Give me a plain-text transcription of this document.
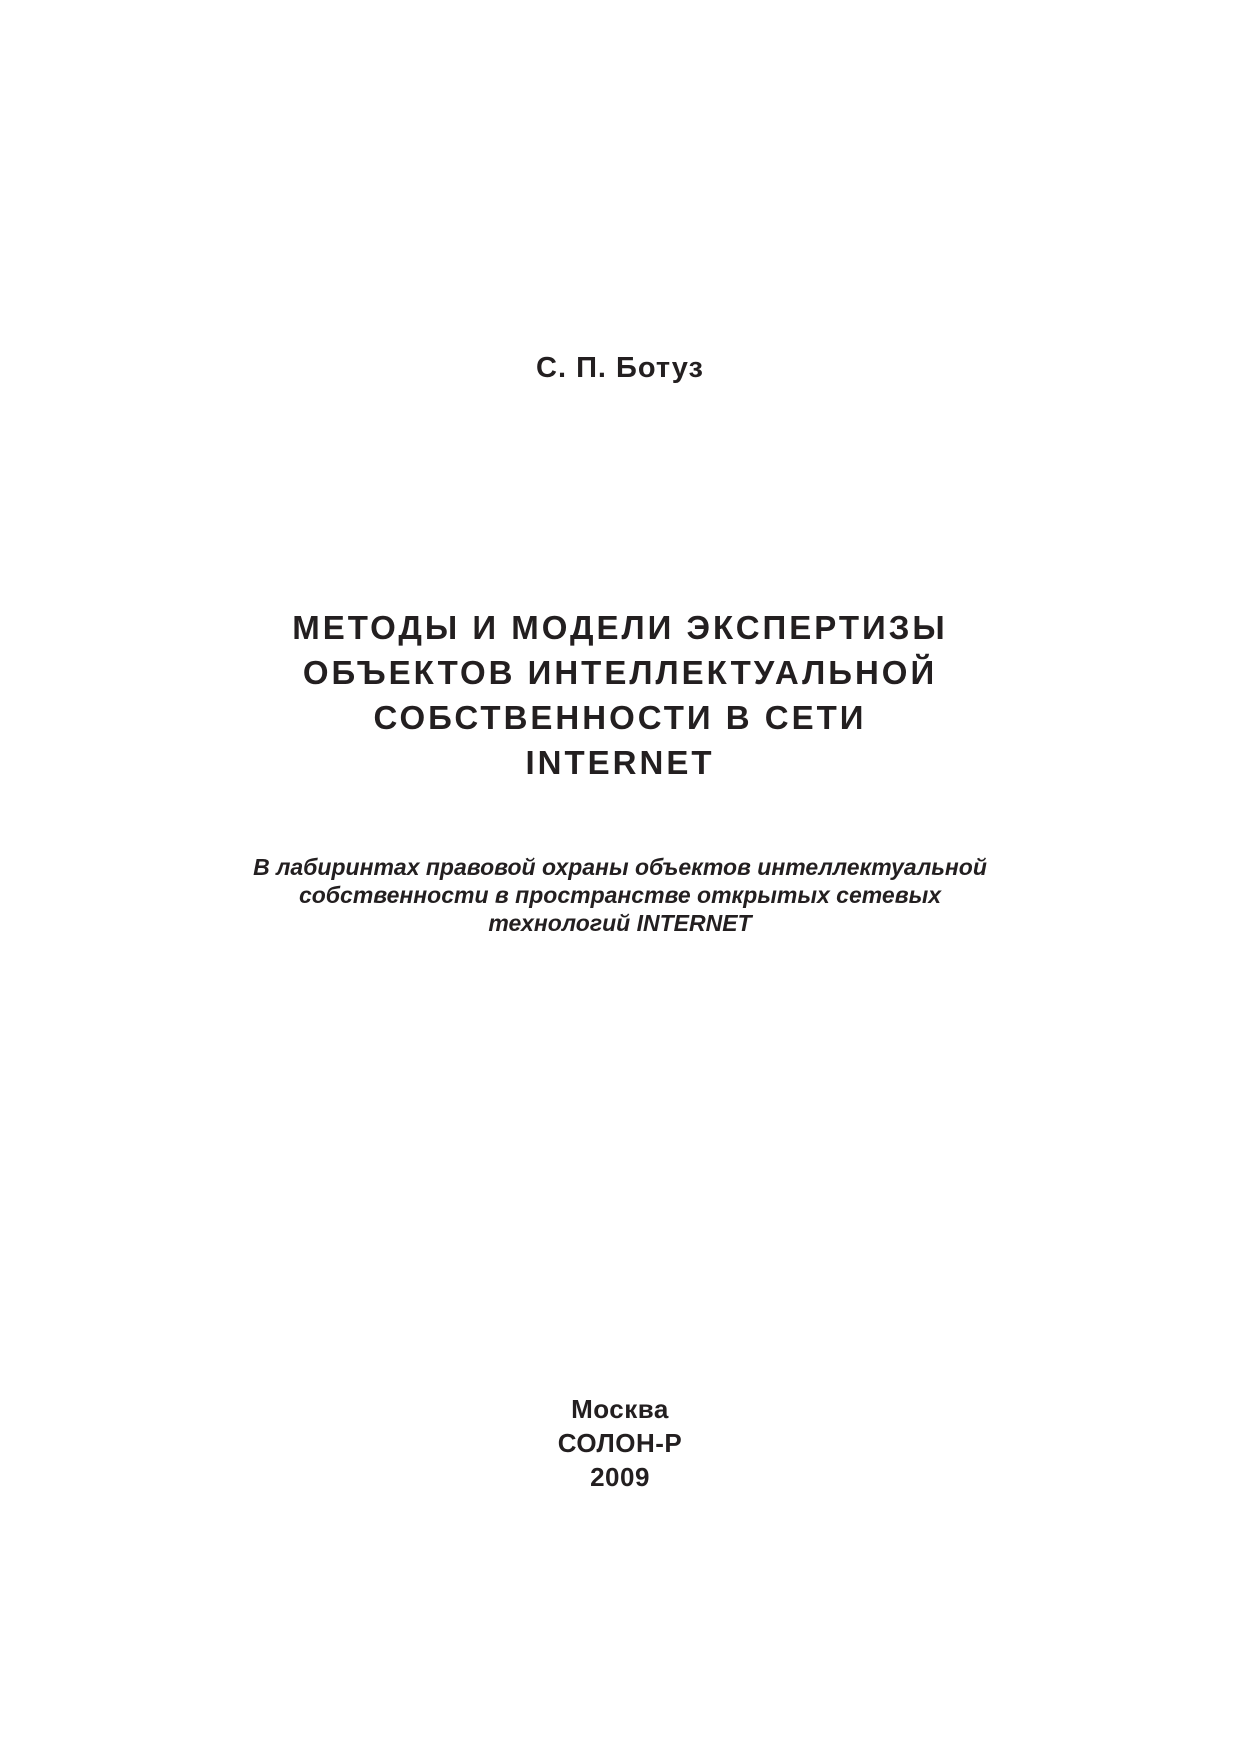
С. П. Ботуз
МЕТОДЫ И МОДЕЛИ ЭКСПЕРТИЗЫ
ОБЪЕКТОВ ИНТЕЛЛЕКТУАЛЬНОЙ
СОБСТВЕННОСТИ В СЕТИ
INTERNET
В лабиринтах правовой охраны объектов интеллектуальной
собственности в пространстве открытых сетевых
технологий INTERNET
Москва
СОЛОН-Р
2009
